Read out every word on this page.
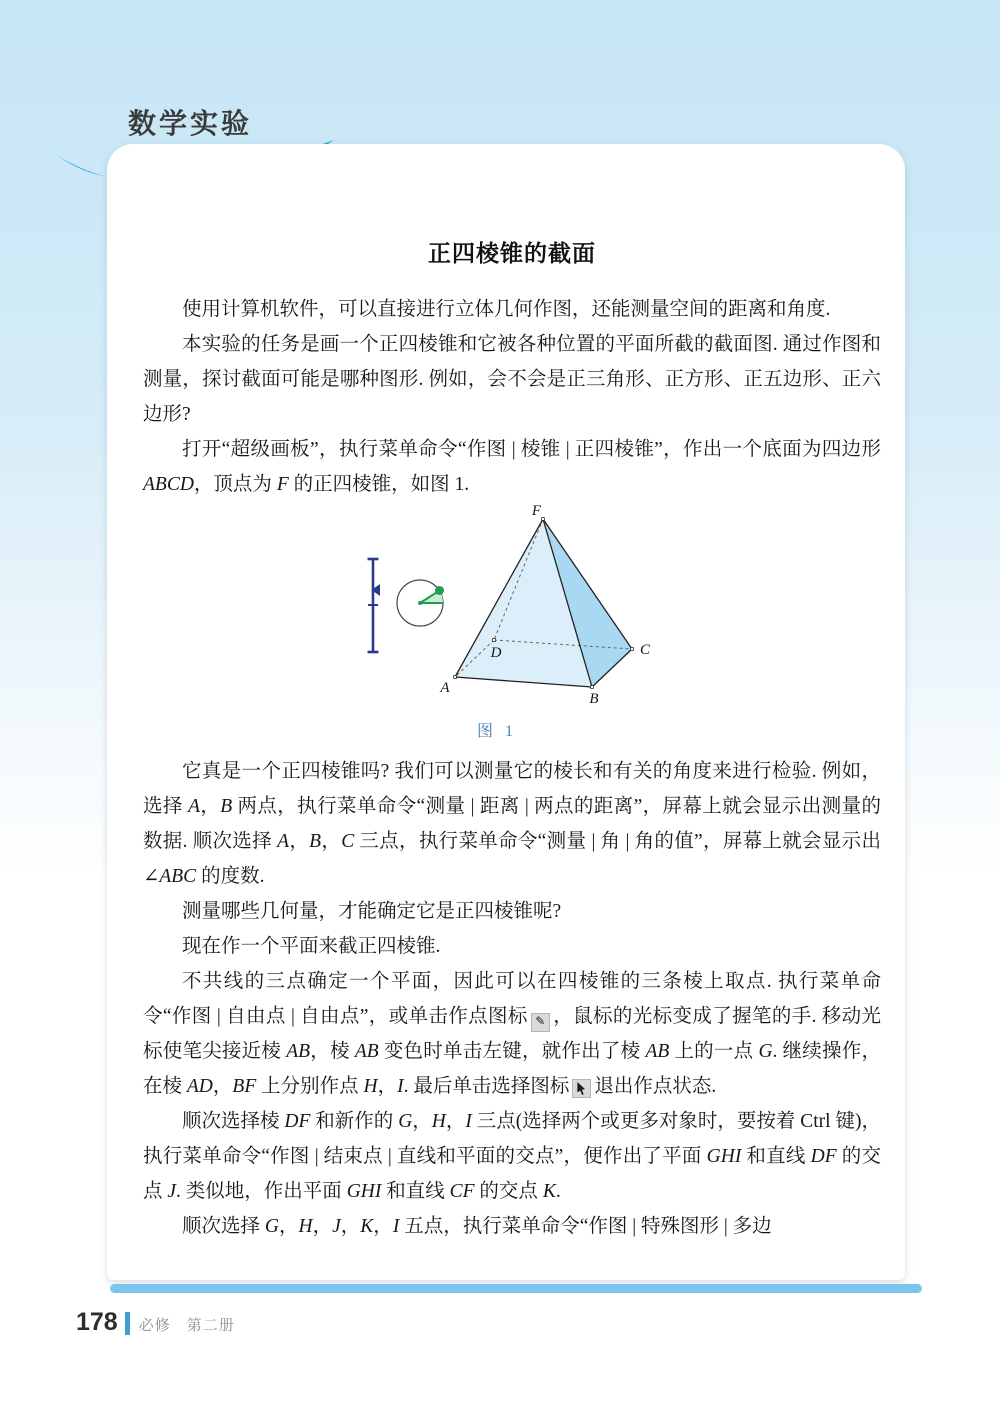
数学实验
正四棱锥的截面

使用计算机软件，可以直接进行立体几何作图，还能测量空间的距离和角度.

本实验的任务是画一个正四棱锥和它被各种位置的平面所截的截面图. 通过作图和测量，探讨截面可能是哪种图形. 例如，会不会是正三角形、正方形、正五边形、正六边形?

打开“超级画板”，执行菜单命令“作图 | 棱锥 | 正四棱锥”，作出一个底面为四边形 ABCD，顶点为 F 的正四棱锥，如图 1.

F
A
B
C
D
图 1

它真是一个正四棱锥吗? 我们可以测量它的棱长和有关的角度来进行检验. 例如，选择 A，B 两点，执行菜单命令“测量 | 距离 | 两点的距离”，屏幕上就会显示出测量的数据. 顺次选择 A，B，C 三点，执行菜单命令“测量 | 角 | 角的值”，屏幕上就会显示出∠ABC 的度数.

测量哪些几何量，才能确定它是正四棱锥呢?

现在作一个平面来截正四棱锥.

不共线的三点确定一个平面，因此可以在四棱锥的三条棱上取点. 执行菜单命令“作图 | 自由点 | 自由点”，或单击作点图标 ✎ ，鼠标的光标变成了握笔的手. 移动光标使笔尖接近棱 AB，棱 AB 变色时单击左键，就作出了棱 AB 上的一点 G. 继续操作，在棱 AD，BF 上分别作点 H，I. 最后单击选择图标 退出作点状态.

顺次选择棱 DF 和新作的 G，H，I 三点(选择两个或更多对象时，要按着 Ctrl 键)，执行菜单命令“作图 | 结束点 | 直线和平面的交点”，便作出了平面 GHI 和直线 DF 的交点 J. 类似地，作出平面 GHI 和直线 CF 的交点 K.

顺次选择 G，H，J，K，I 五点，执行菜单命令“作图 | 特殊图形 | 多边

178 必修　第二册
